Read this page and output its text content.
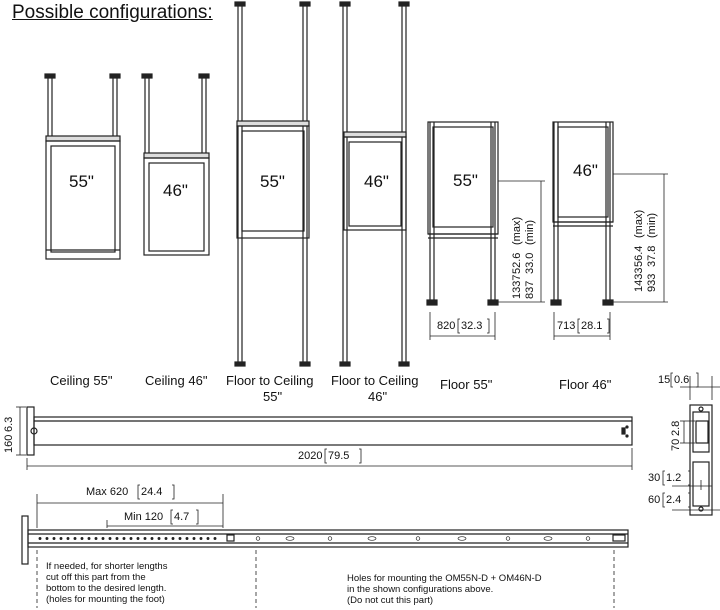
Possible configurations:
55"	46"	55"	46"	55"
46"
Ceiling 55"	Ceiling 46" Floor to Ceiling
55"
Floor to Ceiling
46"
Floor 55"	Floor 46"
820 32.3	713 28.1
1337
52.6
(max)
837
33.0
(min)
1433
56.4
(max)
933
37.8
(min)
160
6.3
2020 79.5
Max 620 24.4
Min 120 4.7
15 0.6
70
2.8
30 1.2
60 2.4
If needed, for shorter lengths
cut off this part from the
bottom to the desired length.
(holes for mounting the foot)
Holes for mounting the OM55N-D + OM46N-D
in the shown configurations above.
(Do not cut this part)
